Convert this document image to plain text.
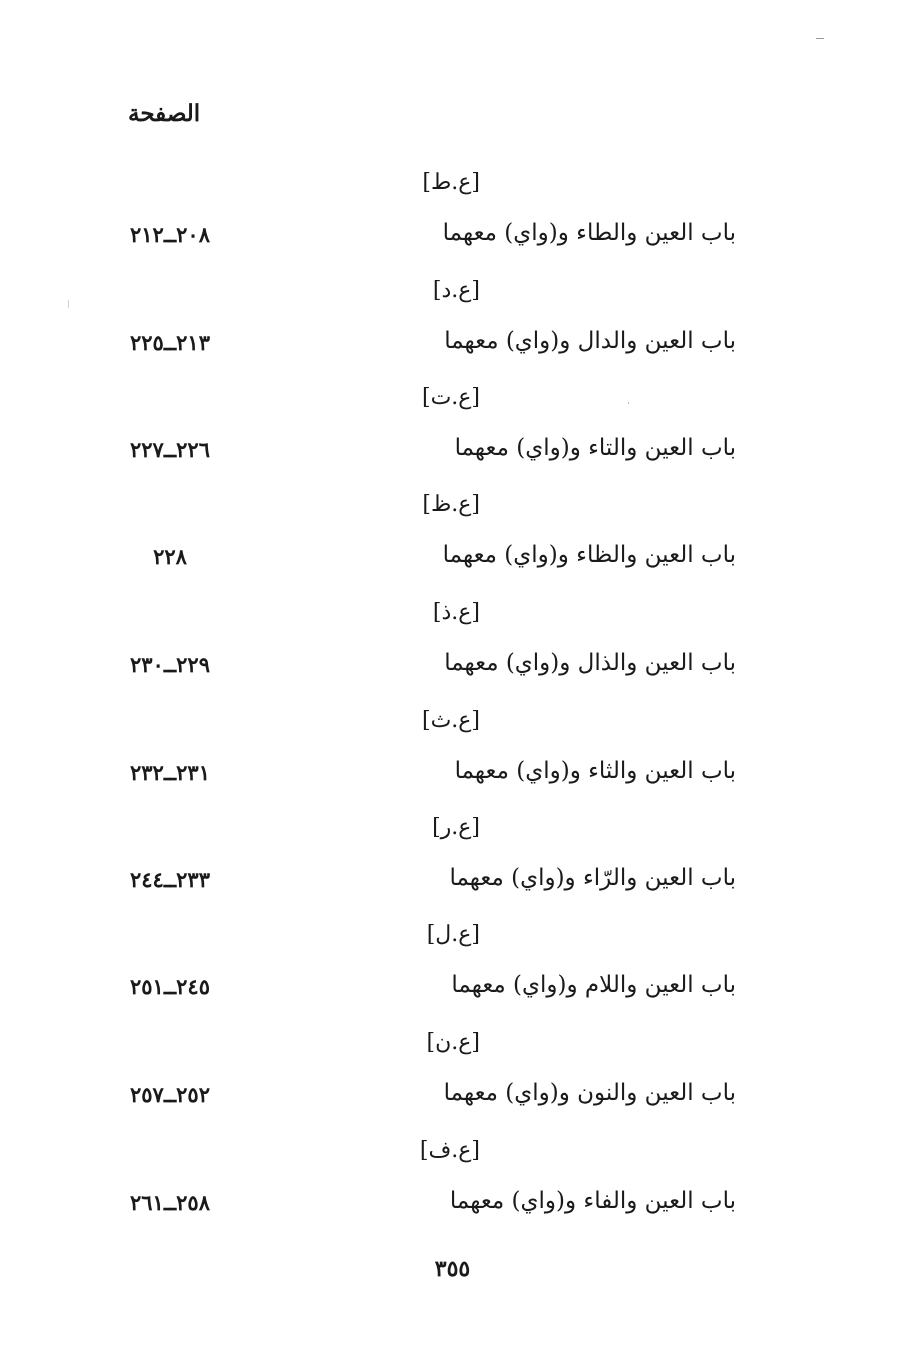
الصفحة
[ع.ط]
باب العين والطاء و(واي) معهما
٢٠٨ــ٢١٢
[ع.د]
باب العين والدال و(واي) معهما
٢١٣ــ٢٢٥
[ع.ت]
باب العين والتاء و(واي) معهما
٢٢٦ــ٢٢٧
[ع.ظ]
باب العين والظاء و(واي) معهما
٢٢٨
[ع.ذ]
باب العين والذال و(واي) معهما
٢٢٩ــ٢٣٠
[ع.ث]
باب العين والثاء و(واي) معهما
٢٣١ــ٢٣٢
[ع.ر]
باب العين والرّاء و(واي) معهما
٢٣٣ــ٢٤٤
[ع.ل]
باب العين واللام و(واي) معهما
٢٤٥ــ٢٥١
[ع.ن]
باب العين والنون و(واي) معهما
٢٥٢ــ٢٥٧
[ع.ف]
باب العين والفاء و(واي) معهما
٢٥٨ــ٢٦١
٣٥٥
